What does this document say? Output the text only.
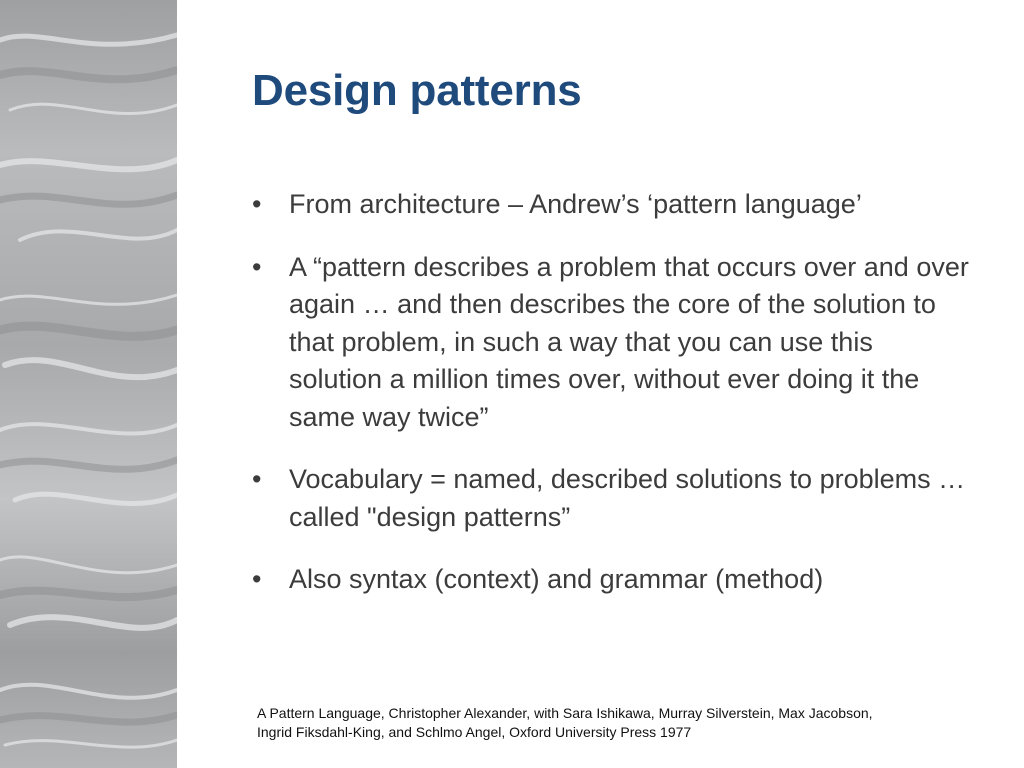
Design patterns
• From architecture – Andrew’s ‘pattern language’
• A “pattern describes a problem that occurs over and over again … and then describes the core of the solution to that problem, in such a way that you can use this solution a million times over, without ever doing it the same way twice”
• Vocabulary = named, described solutions to problems … called "design patterns”
• Also syntax (context) and grammar (method)

A Pattern Language, Christopher Alexander, with Sara Ishikawa, Murray Silverstein, Max Jacobson,
Ingrid Fiksdahl-King, and Schlmo Angel, Oxford University Press 1977
